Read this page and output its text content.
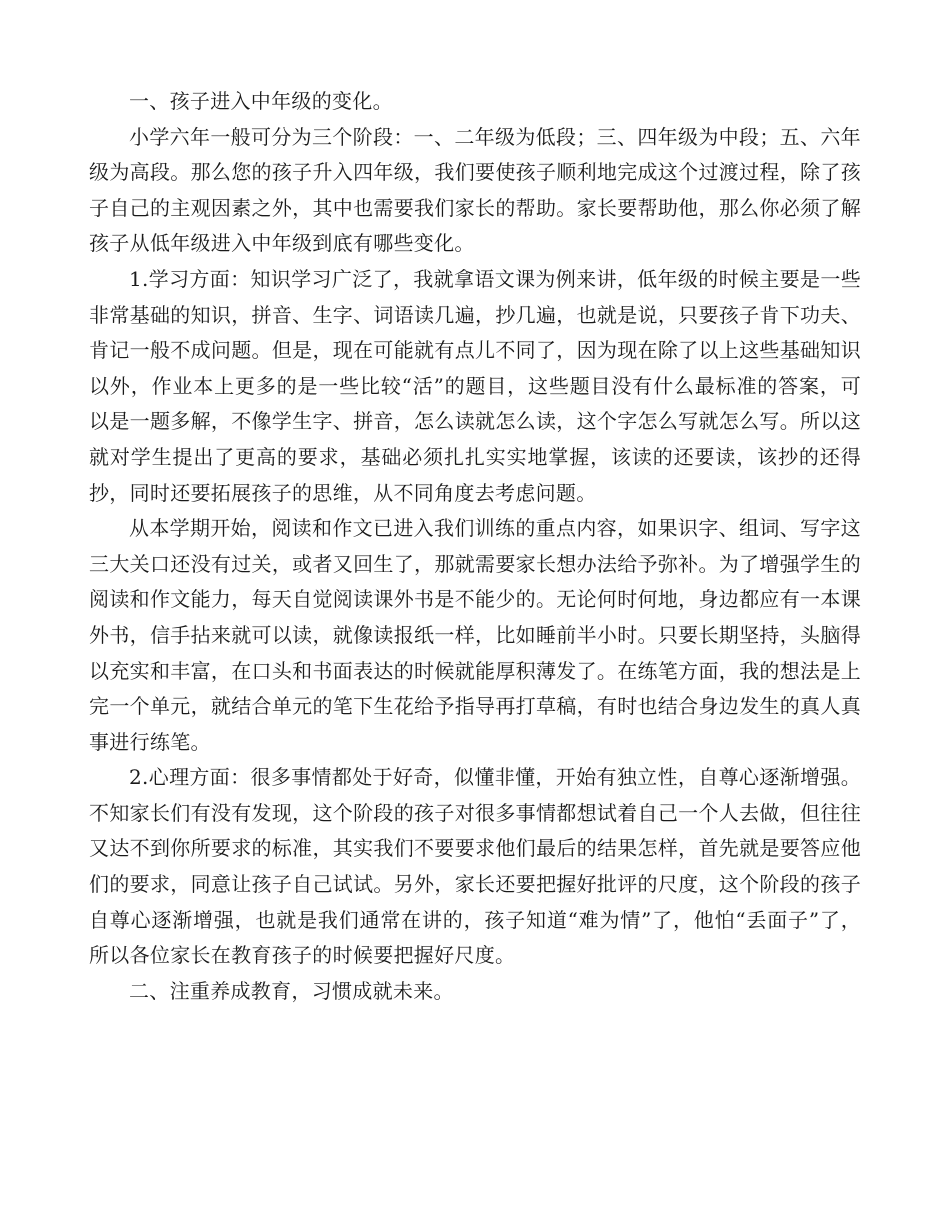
一、孩子进入中年级的变化。

小学六年一般可分为三个阶段：一、二年级为低段；三、四年级为中段；五、六年级为高段。那么您的孩子升入四年级，我们要使孩子顺利地完成这个过渡过程，除了孩子自己的主观因素之外，其中也需要我们家长的帮助。家长要帮助他，那么你必须了解孩子从低年级进入中年级到底有哪些变化。

1.学习方面：知识学习广泛了，我就拿语文课为例来讲，低年级的时候主要是一些非常基础的知识，拼音、生字、词语读几遍，抄几遍，也就是说，只要孩子肯下功夫、肯记一般不成问题。但是，现在可能就有点儿不同了，因为现在除了以上这些基础知识以外，作业本上更多的是一些比较“活”的题目，这些题目没有什么最标准的答案，可以是一题多解，不像学生字、拼音，怎么读就怎么读，这个字怎么写就怎么写。所以这就对学生提出了更高的要求，基础必须扎扎实实地掌握，该读的还要读，该抄的还得抄，同时还要拓展孩子的思维，从不同角度去考虑问题。

从本学期开始，阅读和作文已进入我们训练的重点内容，如果识字、组词、写字这三大关口还没有过关，或者又回生了，那就需要家长想办法给予弥补。为了增强学生的阅读和作文能力，每天自觉阅读课外书是不能少的。无论何时何地，身边都应有一本课外书，信手拈来就可以读，就像读报纸一样，比如睡前半小时。只要长期坚持，头脑得以充实和丰富，在口头和书面表达的时候就能厚积薄发了。在练笔方面，我的想法是上完一个单元，就结合单元的笔下生花给予指导再打草稿，有时也结合身边发生的真人真事进行练笔。

2.心理方面：很多事情都处于好奇，似懂非懂，开始有独立性，自尊心逐渐增强。不知家长们有没有发现，这个阶段的孩子对很多事情都想试着自己一个人去做，但往往又达不到你所要求的标准，其实我们不要要求他们最后的结果怎样，首先就是要答应他们的要求，同意让孩子自己试试。另外，家长还要把握好批评的尺度，这个阶段的孩子自尊心逐渐增强，也就是我们通常在讲的，孩子知道“难为情”了，他怕“丢面子”了，所以各位家长在教育孩子的时候要把握好尺度。

二、注重养成教育，习惯成就未来。
